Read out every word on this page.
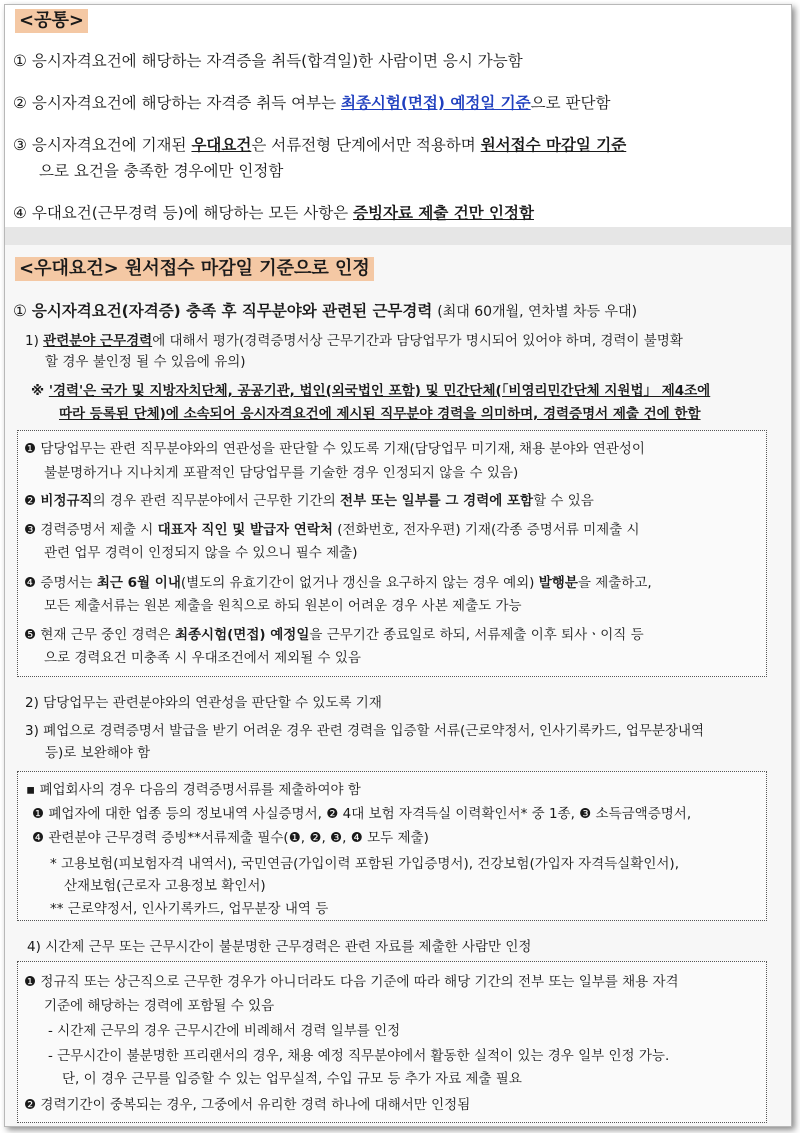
<공통>
① 응시자격요건에 해당하는 자격증을 취득(합격일)한 사람이면 응시 가능함
② 응시자격요건에 해당하는 자격증 취득 여부는 최종시험(면접) 예정일 기준으로 판단함
③ 응시자격요건에 기재된 우대요건은 서류전형 단계에서만 적용하며 원서접수 마감일 기준
으로 요건을 충족한 경우에만 인정함
④ 우대요건(근무경력 등)에 해당하는 모든 사항은 증빙자료 제출 건만 인정함
<우대요건> 원서접수 마감일 기준으로 인정
① 응시자격요건(자격증) 충족 후 직무분야와 관련된 근무경력 (최대 60개월, 연차별 차등 우대)
1) 관련분야 근무경력에 대해서 평가(경력증명서상 근무기간과 담당업무가 명시되어 있어야 하며, 경력이 불명확
할 경우 불인정 될 수 있음에 유의)
※ '경력'은 국가 및 지방자치단체, 공공기관, 법인(외국법인 포함) 및 민간단체(「비영리민간단체 지원법」 제4조에
따라 등록된 단체)에 소속되어 응시자격요건에 제시된 직무분야 경력을 의미하며, 경력증명서 제출 건에 한함
❶ 담당업무는 관련 직무분야와의 연관성을 판단할 수 있도록 기재(담당업무 미기재, 채용 분야와 연관성이
불분명하거나 지나치게 포괄적인 담당업무를 기술한 경우 인정되지 않을 수 있음)
❷ 비정규직의 경우 관련 직무분야에서 근무한 기간의 전부 또는 일부를 그 경력에 포함할 수 있음
❸ 경력증명서 제출 시 대표자 직인 및 발급자 연락처 (전화번호, 전자우편) 기재(각종 증명서류 미제출 시
관련 업무 경력이 인정되지 않을 수 있으니 필수 제출)
❹ 증명서는 최근 6월 이내(별도의 유효기간이 없거나 갱신을 요구하지 않는 경우 예외) 발행분을 제출하고,
모든 제출서류는 원본 제출을 원칙으로 하되 원본이 어려운 경우 사본 제출도 가능
❺ 현재 근무 중인 경력은 최종시험(면접) 예정일을 근무기간 종료일로 하되, 서류제출 이후 퇴사ㆍ이직 등
으로 경력요건 미충족 시 우대조건에서 제외될 수 있음
2) 담당업무는 관련분야와의 연관성을 판단할 수 있도록 기재
3) 폐업으로 경력증명서 발급을 받기 어려운 경우 관련 경력을 입증할 서류(근로약정서, 인사기록카드, 업무분장내역
등)로 보완해야 함
▪ 폐업회사의 경우 다음의 경력증명서류를 제출하여야 함
❶ 폐업자에 대한 업종 등의 정보내역 사실증명서, ❷ 4대 보험 자격득실 이력확인서* 중 1종, ❸ 소득금액증명서,
❹ 관련분야 근무경력 증빙**서류제출 필수(❶, ❷, ❸, ❹ 모두 제출)
* 고용보험(피보험자격 내역서), 국민연금(가입이력 포함된 가입증명서), 건강보험(가입자 자격득실확인서),
산재보험(근로자 고용정보 확인서)
** 근로약정서, 인사기록카드, 업무분장 내역 등
4) 시간제 근무 또는 근무시간이 불분명한 근무경력은 관련 자료를 제출한 사람만 인정
❶ 정규직 또는 상근직으로 근무한 경우가 아니더라도 다음 기준에 따라 해당 기간의 전부 또는 일부를 채용 자격
기준에 해당하는 경력에 포함될 수 있음
- 시간제 근무의 경우 근무시간에 비례해서 경력 일부를 인정
- 근무시간이 불분명한 프리랜서의 경우, 채용 예정 직무분야에서 활동한 실적이 있는 경우 일부 인정 가능.
단, 이 경우 근무를 입증할 수 있는 업무실적, 수입 규모 등 추가 자료 제출 필요
❷ 경력기간이 중복되는 경우, 그중에서 유리한 경력 하나에 대해서만 인정됨
